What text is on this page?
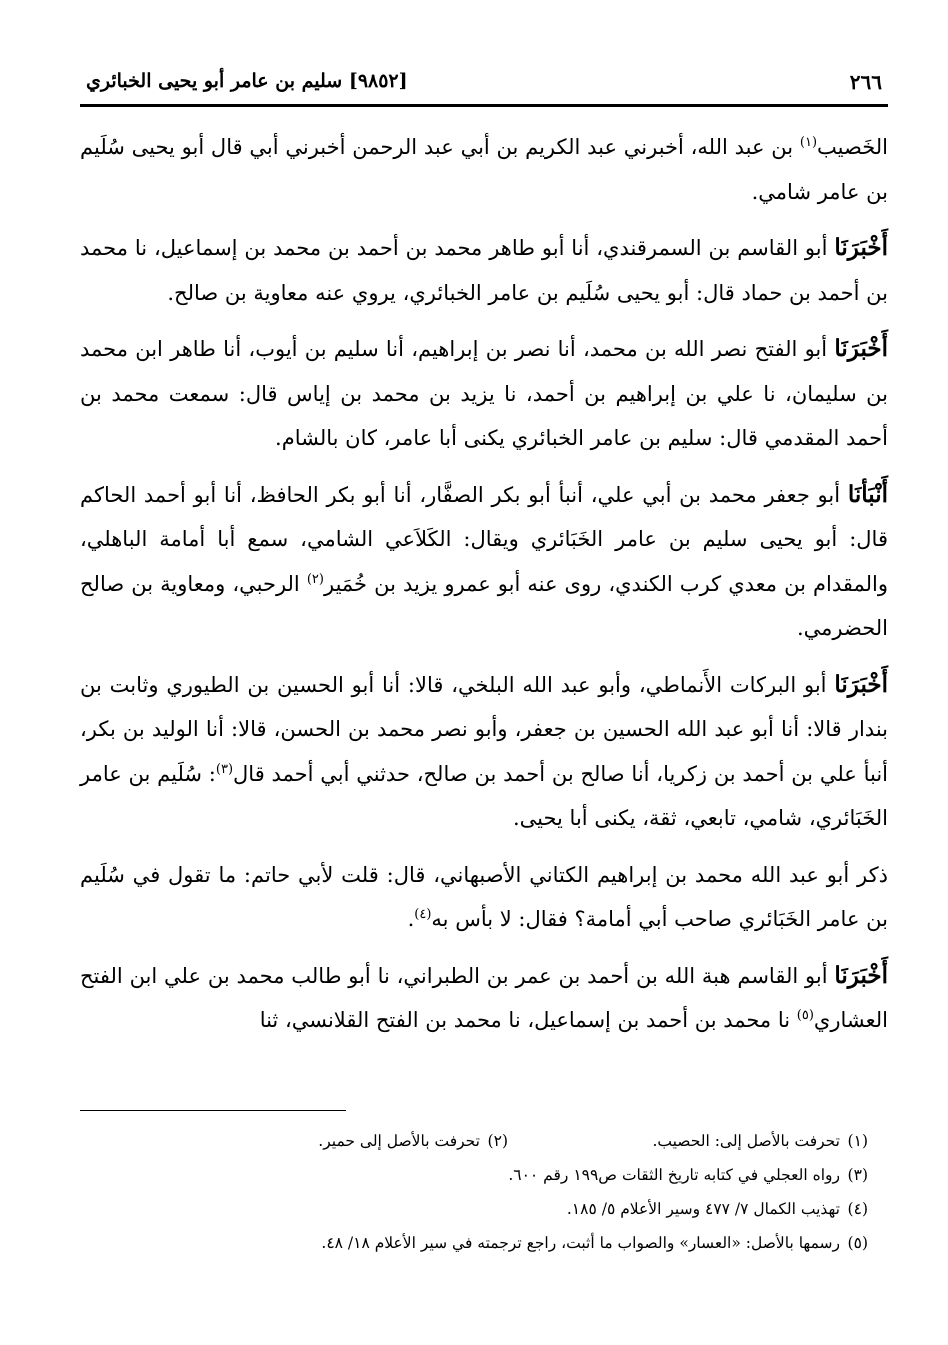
٢٦٦
[٩٨٥٢] سليم بن عامر أبو يحيى الخبائري

الخَصيب$^{(١)}$ بن عبد الله، أخبرني عبد الكريم بن أبي عبد الرحمن أخبرني أبي قال أبو يحيى سُلَيم بن عامر شامي.

أَخْبَرَنَا أبو القاسم بن السمرقندي، أنا أبو طاهر محمد بن أحمد بن محمد بن إسماعيل، نا محمد بن أحمد بن حماد قال: أبو يحيى سُلَيم بن عامر الخبائري، يروي عنه معاوية بن صالح.

أَخْبَرَنَا أبو الفتح نصر الله بن محمد، أنا نصر بن إبراهيم، أنا سليم بن أيوب، أنا طاهر ابن محمد بن سليمان، نا علي بن إبراهيم بن أحمد، نا يزيد بن محمد بن إياس قال: سمعت محمد بن أحمد المقدمي قال: سليم بن عامر الخبائري يكنى أبا عامر، كان بالشام.

أَنْبَأنَا أبو جعفر محمد بن أبي علي، أنبأ أبو بكر الصفَّار، أنا أبو بكر الحافظ، أنا أبو أحمد الحاكم قال: أبو يحيى سليم بن عامر الخَبَائري ويقال: الكَلاَعي الشامي، سمع أبا أمامة الباهلي، والمقدام بن معدي كرب الكندي، روى عنه أبو عمرو يزيد بن خُمَير$^{(٢)}$ الرحبي، ومعاوية بن صالح الحضرمي.

أَخْبَرَنَا أبو البركات الأَنماطي، وأبو عبد الله البلخي، قالا: أنا أبو الحسين بن الطيوري وثابت بن بندار قالا: أنا أبو عبد الله الحسين بن جعفر، وأبو نصر محمد بن الحسن، قالا: أنا الوليد بن بكر، أنبأ علي بن أحمد بن زكريا، أنا صالح بن أحمد بن صالح، حدثني أبي أحمد قال$^{(٣)}$: سُلَيم بن عامر الخَبَائري، شامي، تابعي، ثقة، يكنى أبا يحيى.

ذكر أبو عبد الله محمد بن إبراهيم الكتاني الأصبهاني، قال: قلت لأبي حاتم: ما تقول في سُلَيم بن عامر الخَبَائري صاحب أبي أمامة؟ فقال: لا بأس به$^{(٤)}$.

أَخْبَرَنَا أبو القاسم هبة الله بن أحمد بن عمر بن الطبراني، نا أبو طالب محمد بن علي ابن الفتح العشاري$^{(٥)}$ نا محمد بن أحمد بن إسماعيل، نا محمد بن الفتح القلانسي، ثنا

(١)تحرفت بالأصل إلى: الحصيب.
(٢)تحرفت بالأصل إلى حمير.
(٣)رواه العجلي في كتابه تاريخ الثقات ص١٩٩ رقم ٦٠٠.
(٤)تهذيب الكمال ٧/ ٤٧٧ وسير الأعلام ٥/ ١٨٥.
(٥)رسمها بالأصل: «العسار» والصواب ما أثبت، راجع ترجمته في سير الأعلام ١٨/ ٤٨.
